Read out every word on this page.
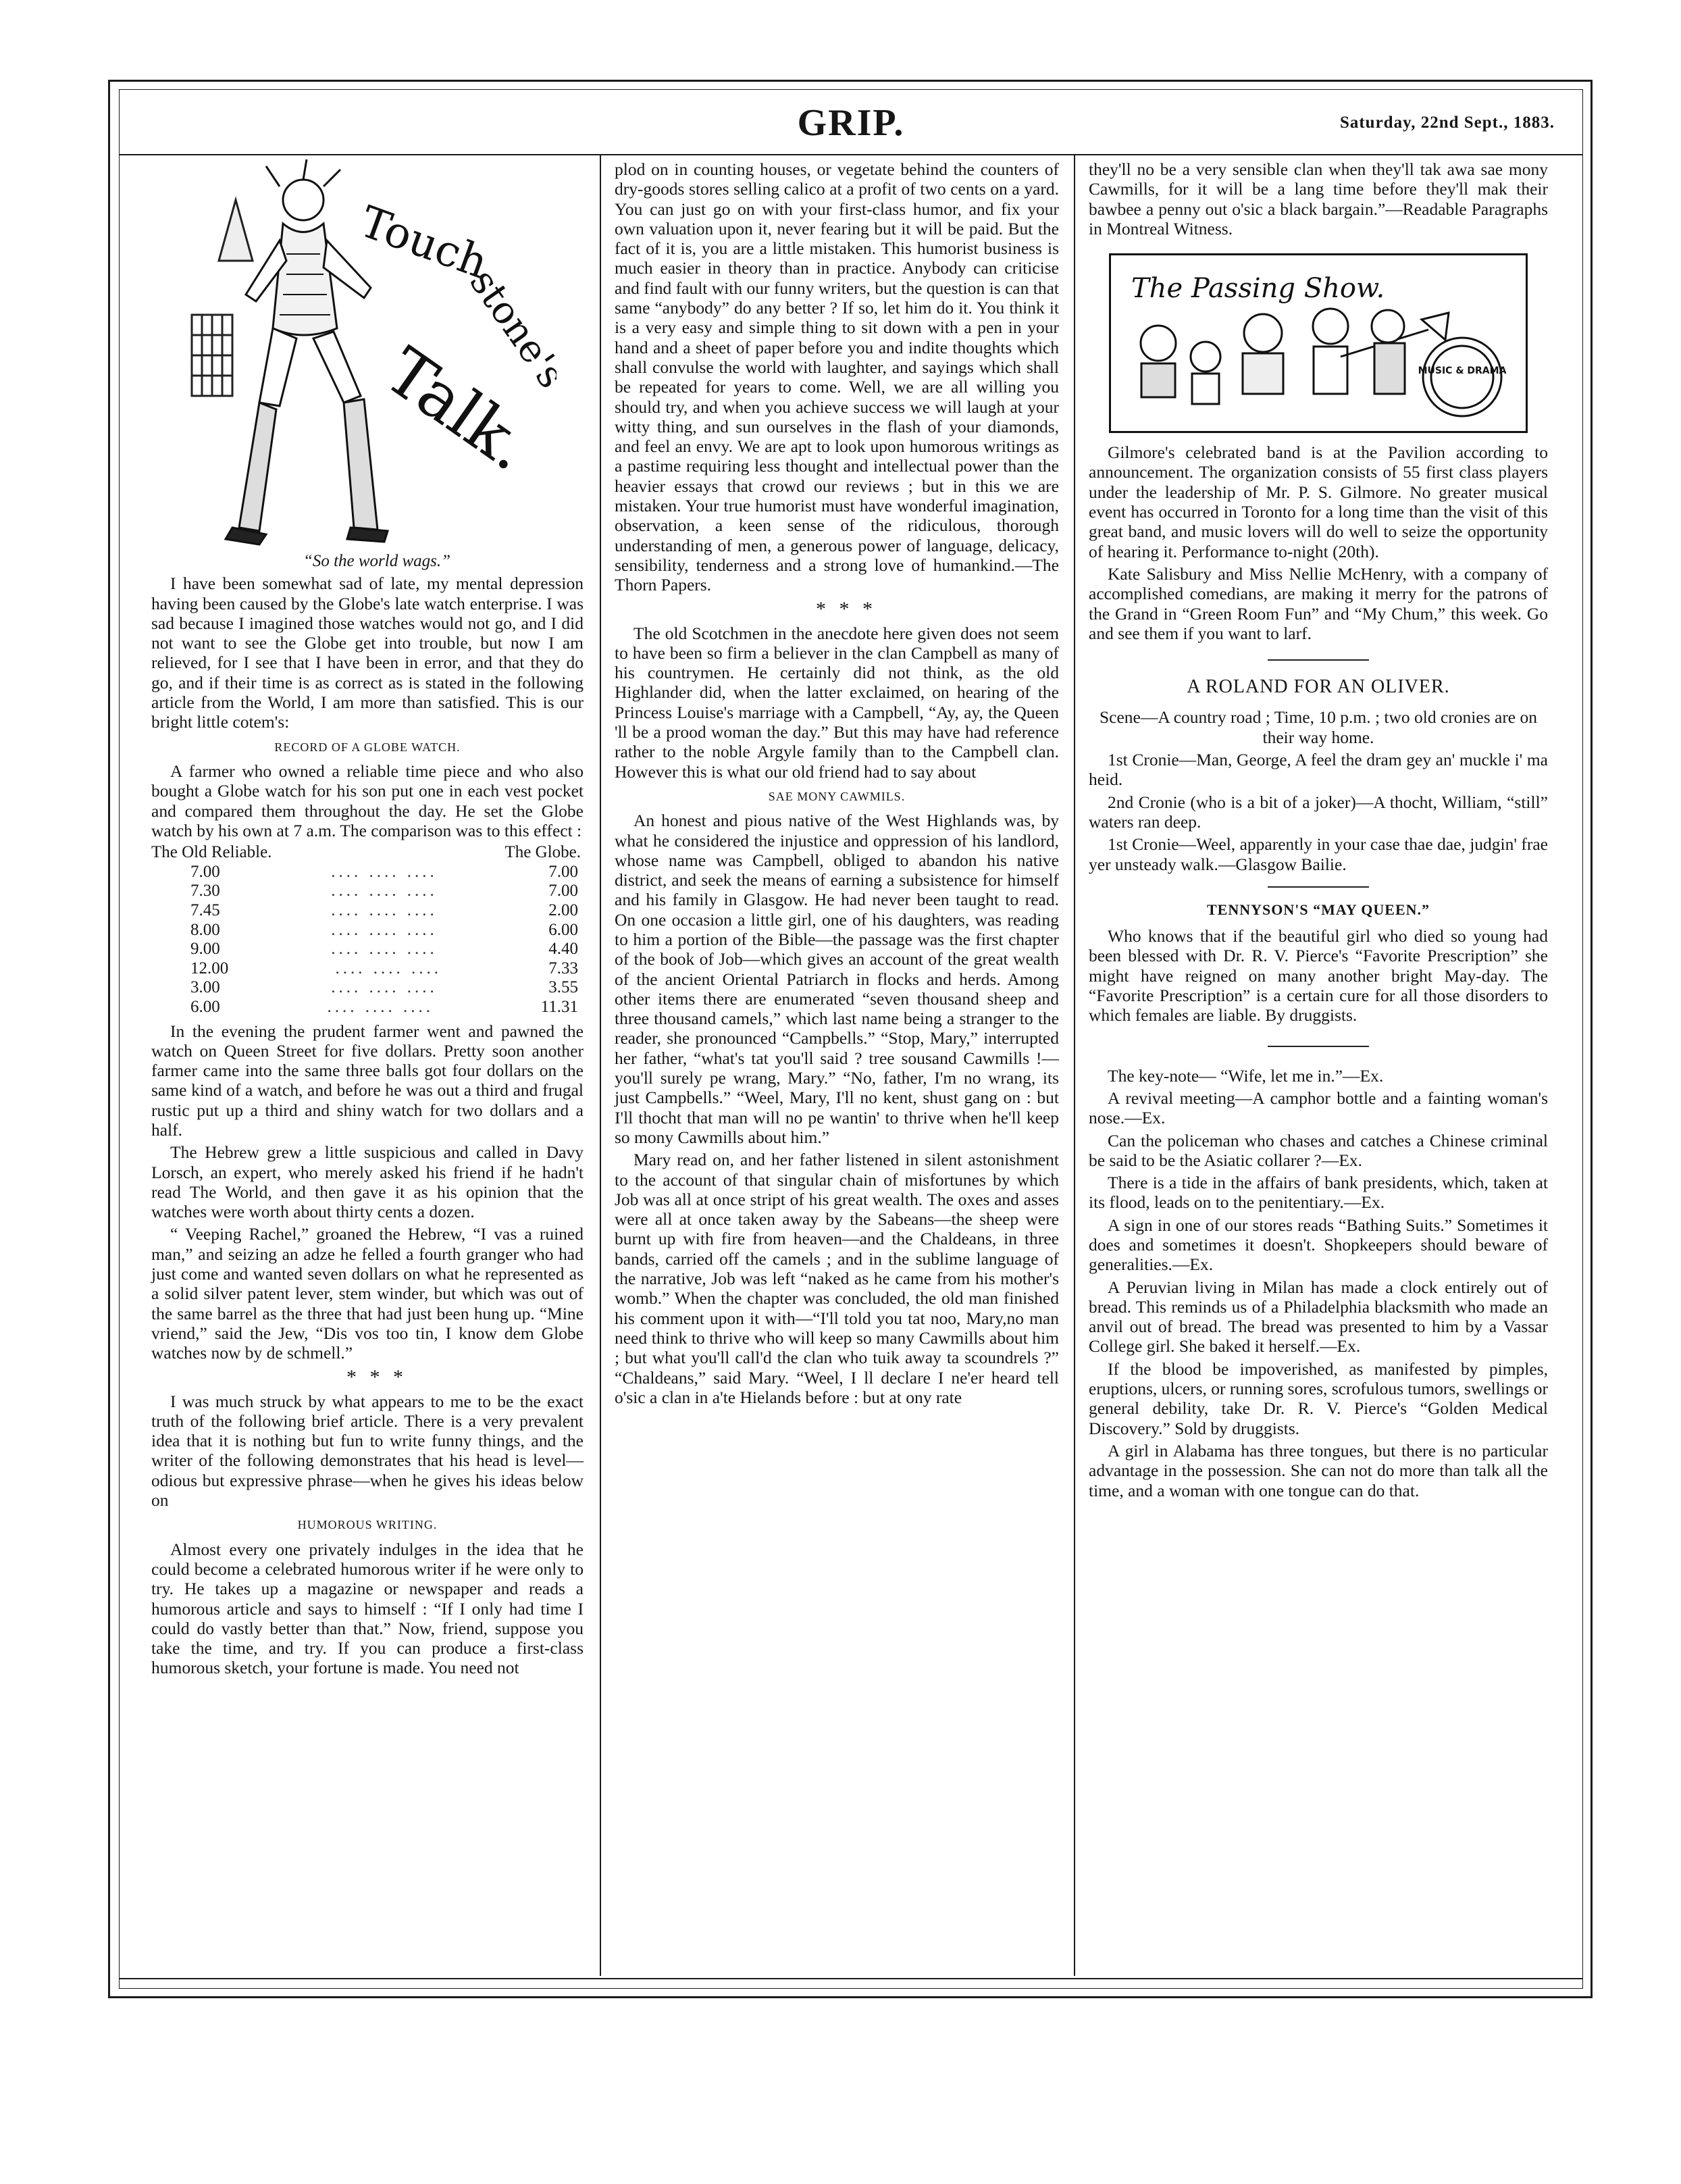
GRIP.	Saturday, 22nd Sept., 1883.
Touch
stone's
Talk.

“So the world wags.”

I have been somewhat sad of late, my mental depression having been caused by the Globe's late watch enterprise. I was sad because I imagined those watches would not go, and I did not want to see the Globe get into trouble, but now I am relieved, for I see that I have been in error, and that they do go, and if their time is as correct as is stated in the following article from the World, I am more than satisfied. This is our bright little cotem's:

RECORD OF A GLOBE WATCH.

A farmer who owned a reliable time piece and who also bought a Globe watch for his son put one in each vest pocket and compared them throughout the day. He set the Globe watch by his own at 7 a.m. The comparison was to this effect :

The Old Reliable.	The Globe.
7.00	.... .... ....	7.00
7.30	.... .... ....	7.00
7.45	.... .... ....	2.00
8.00	.... .... ....	6.00
9.00	.... .... ....	4.40
12.00	.... .... ....	7.33
3.00	.... .... ....	3.55
6.00	.... .... ....	11.31

In the evening the prudent farmer went and pawned the watch on Queen Street for five dollars. Pretty soon another farmer came into the same three balls got four dollars on the same kind of a watch, and before he was out a third and frugal rustic put up a third and shiny watch for two dollars and a half.

The Hebrew grew a little suspicious and called in Davy Lorsch, an expert, who merely asked his friend if he hadn't read The World, and then gave it as his opinion that the watches were worth about thirty cents a dozen.

“ Veeping Rachel,” groaned the Hebrew, “I vas a ruined man,” and seizing an adze he felled a fourth granger who had just come and wanted seven dollars on what he represented as a solid silver patent lever, stem winder, but which was out of the same barrel as the three that had just been hung up. “Mine vriend,” said the Jew, “Dis vos too tin, I know dem Globe watches now by de schmell.”

* * *

I was much struck by what appears to me to be the exact truth of the following brief article. There is a very prevalent idea that it is nothing but fun to write funny things, and the writer of the following demonstrates that his head is level—odious but expressive phrase—when he gives his ideas below on

HUMOROUS WRITING.

Almost every one privately indulges in the idea that he could become a celebrated humorous writer if he were only to try. He takes up a magazine or newspaper and reads a humorous article and says to himself : “If I only had time I could do vastly better than that.” Now, friend, suppose you take the time, and try. If you can produce a first-class humorous sketch, your fortune is made. You need not

plod on in counting houses, or vegetate behind the counters of dry-goods stores selling calico at a profit of two cents on a yard. You can just go on with your first-class humor, and fix your own valuation upon it, never fearing but it will be paid. But the fact of it is, you are a little mistaken. This humorist business is much easier in theory than in practice. Anybody can criticise and find fault with our funny writers, but the question is can that same “anybody” do any better ? If so, let him do it. You think it is a very easy and simple thing to sit down with a pen in your hand and a sheet of paper before you and indite thoughts which shall convulse the world with laughter, and sayings which shall be repeated for years to come. Well, we are all willing you should try, and when you achieve success we will laugh at your witty thing, and sun ourselves in the flash of your diamonds, and feel an envy. We are apt to look upon humorous writings as a pastime requiring less thought and intellectual power than the heavier essays that crowd our reviews ; but in this we are mistaken. Your true humorist must have wonderful imagination, observation, a keen sense of the ridiculous, thorough understanding of men, a generous power of language, delicacy, sensibility, tenderness and a strong love of humankind.—The Thorn Papers.

* * *

The old Scotchmen in the anecdote here given does not seem to have been so firm a believer in the clan Campbell as many of his countrymen. He certainly did not think, as the old Highlander did, when the latter exclaimed, on hearing of the Princess Louise's marriage with a Campbell, “Ay, ay, the Queen 'll be a prood woman the day.” But this may have had reference rather to the noble Argyle family than to the Campbell clan. However this is what our old friend had to say about

SAE MONY CAWMILS.

An honest and pious native of the West Highlands was, by what he considered the injustice and oppression of his landlord, whose name was Campbell, obliged to abandon his native district, and seek the means of earning a subsistence for himself and his family in Glasgow. He had never been taught to read. On one occasion a little girl, one of his daughters, was reading to him a portion of the Bible—the passage was the first chapter of the book of Job—which gives an account of the great wealth of the ancient Oriental Patriarch in flocks and herds. Among other items there are enumerated “seven thousand sheep and three thousand camels,” which last name being a stranger to the reader, she pronounced “Campbells.” “Stop, Mary,” interrupted her father, “what's tat you'll said ? tree sousand Cawmills !—you'll surely pe wrang, Mary.” “No, father, I'm no wrang, its just Campbells.” “Weel, Mary, I'll no kent, shust gang on : but I'll thocht that man will no pe wantin' to thrive when he'll keep so mony Cawmills about him.”

Mary read on, and her father listened in silent astonishment to the account of that singular chain of misfortunes by which Job was all at once stript of his great wealth. The oxes and asses were all at once taken away by the Sabeans—the sheep were burnt up with fire from heaven—and the Chaldeans, in three bands, carried off the camels ; and in the sublime language of the narrative, Job was left “naked as he came from his mother's womb.” When the chapter was concluded, the old man finished his comment upon it with—“I'll told you tat noo, Mary,no man need think to thrive who will keep so many Cawmills about him ; but what you'll call'd the clan who tuik away ta scoundrels ?” “Chaldeans,” said Mary. “Weel, I ll declare I ne'er heard tell o'sic a clan in a'te Hielands before : but at ony rate

they'll no be a very sensible clan when they'll tak awa sae mony Cawmills, for it will be a lang time before they'll mak their bawbee a penny out o'sic a black bargain.”—Readable Paragraphs in Montreal Witness.

The Passing Show.
MUSIC & DRAMA

Gilmore's celebrated band is at the Pavilion according to announcement. The organization consists of 55 first class players under the leadership of Mr. P. S. Gilmore. No greater musical event has occurred in Toronto for a long time than the visit of this great band, and music lovers will do well to seize the opportunity of hearing it. Performance to-night (20th).

Kate Salisbury and Miss Nellie McHenry, with a company of accomplished comedians, are making it merry for the patrons of the Grand in “Green Room Fun” and “My Chum,” this week. Go and see them if you want to larf.

A ROLAND FOR AN OLIVER.

Scene—A country road ; Time, 10 p.m. ; two old cronies are on their way home.

1st Cronie—Man, George, A feel the dram gey an' muckle i' ma heid.

2nd Cronie (who is a bit of a joker)—A thocht, William, “still” waters ran deep.

1st Cronie—Weel, apparently in your case thae dae, judgin' frae yer unsteady walk.—Glasgow Bailie.

TENNYSON'S “MAY QUEEN.”

Who knows that if the beautiful girl who died so young had been blessed with Dr. R. V. Pierce's “Favorite Prescription” she might have reigned on many another bright May-day. The “Favorite Prescription” is a certain cure for all those disorders to which females are liable. By druggists.

The key-note— “Wife, let me in.”—Ex.

A revival meeting—A camphor bottle and a fainting woman's nose.—Ex.

Can the policeman who chases and catches a Chinese criminal be said to be the Asiatic collarer ?—Ex.

There is a tide in the affairs of bank presidents, which, taken at its flood, leads on to the penitentiary.—Ex.

A sign in one of our stores reads “Bathing Suits.” Sometimes it does and sometimes it doesn't. Shopkeepers should beware of generalities.—Ex.

A Peruvian living in Milan has made a clock entirely out of bread. This reminds us of a Philadelphia blacksmith who made an anvil out of bread. The bread was presented to him by a Vassar College girl. She baked it herself.—Ex.

If the blood be impoverished, as manifested by pimples, eruptions, ulcers, or running sores, scrofulous tumors, swellings or general debility, take Dr. R. V. Pierce's “Golden Medical Discovery.” Sold by druggists.

A girl in Alabama has three tongues, but there is no particular advantage in the possession. She can not do more than talk all the time, and a woman with one tongue can do that.
